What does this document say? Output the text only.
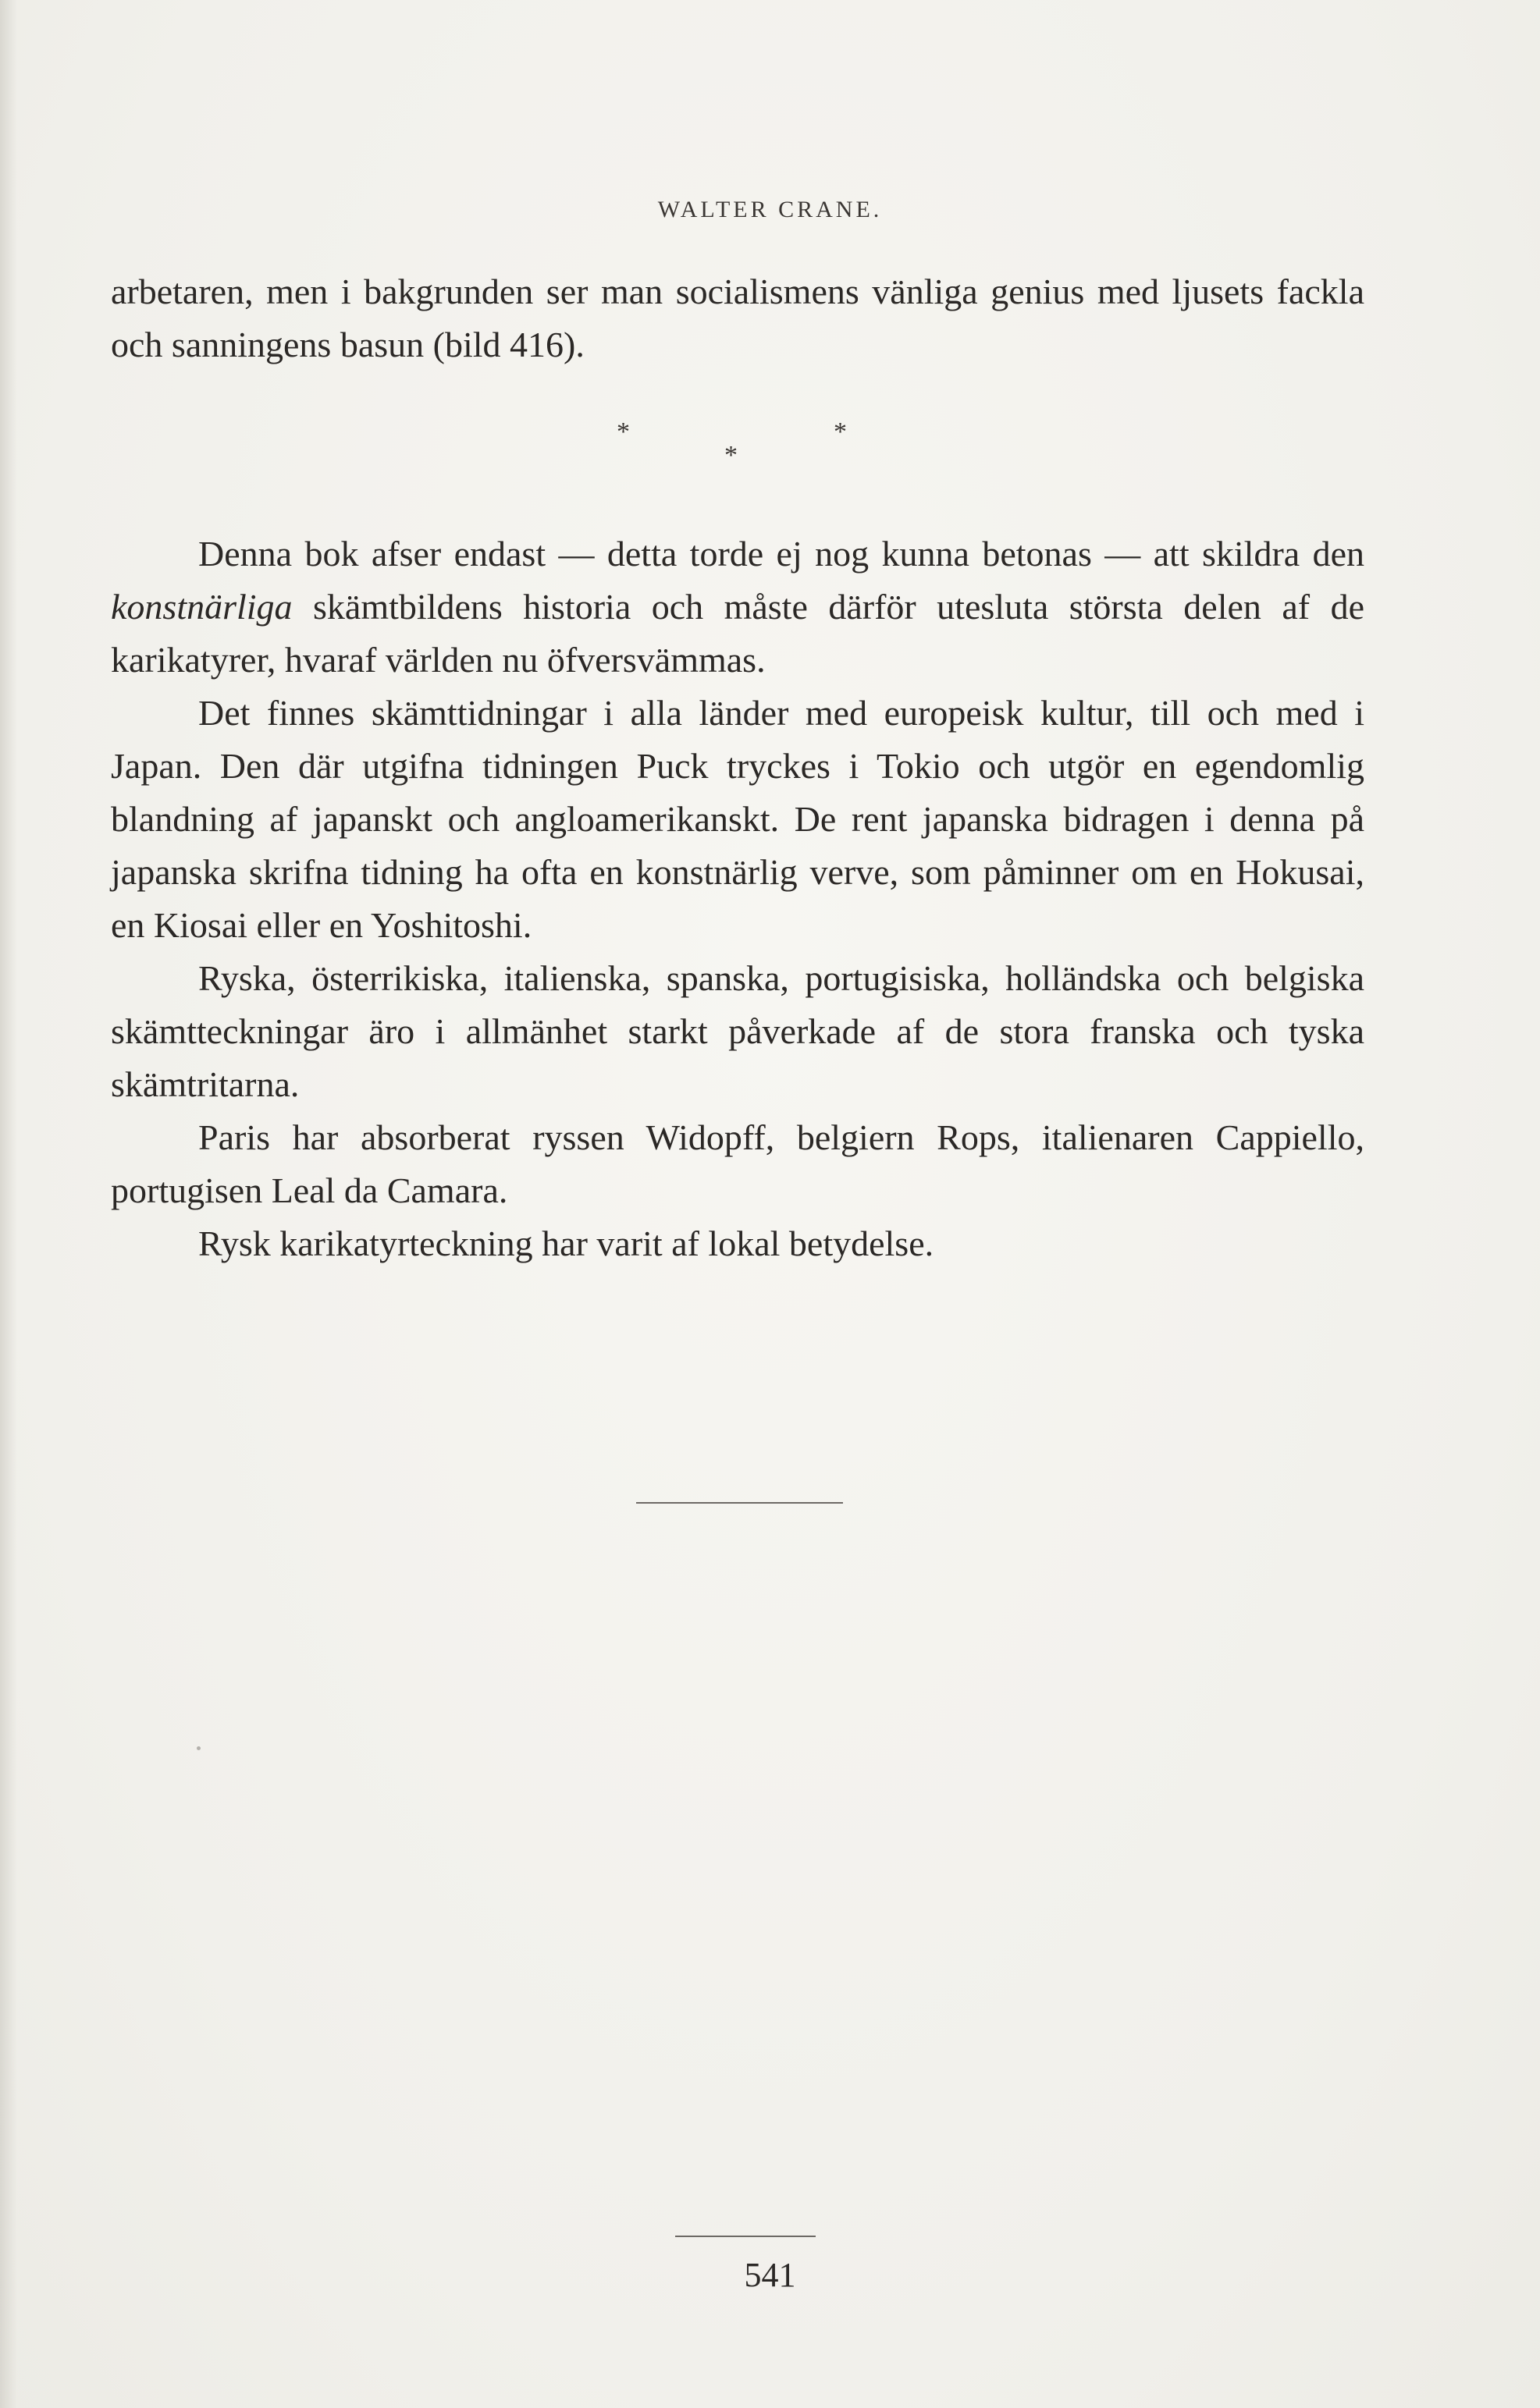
WALTER CRANE.

arbetaren, men i bakgrunden ser man socialismens vänliga genius med ljusets fackla och sanningens basun (bild 416).

*	*
*

Denna bok afser endast — detta torde ej nog kunna betonas — att skildra den konstnärliga skämtbildens historia och måste därför utesluta största delen af de karikatyrer, hvaraf världen nu öfversvämmas.

Det finnes skämttidningar i alla länder med europeisk kultur, till och med i Japan. Den där utgifna tidningen Puck tryckes i Tokio och utgör en egendomlig blandning af japanskt och angloamerikanskt. De rent japanska bidragen i denna på japanska skrifna tidning ha ofta en konstnärlig verve, som påminner om en Hokusai, en Kiosai eller en Yoshitoshi.

Ryska, österrikiska, italienska, spanska, portugisiska, holländska och belgiska skämtteckningar äro i allmänhet starkt påverkade af de stora franska och tyska skämtritarna.

Paris har absorberat ryssen Widopff, belgiern Rops, italienaren Cappiello, portugisen Leal da Camara.

Rysk karikatyrteckning har varit af lokal betydelse.

541
